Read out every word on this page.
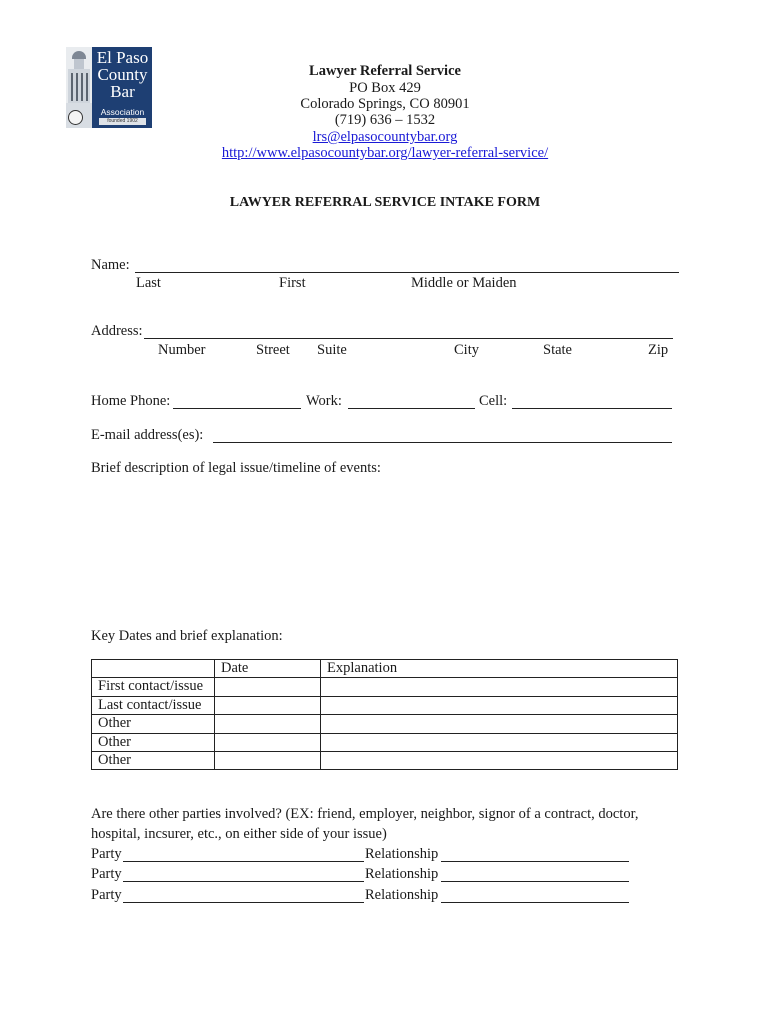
El Paso
County
Bar
Association
founded 1902
Lawyer Referral Service
PO Box 429
Colorado Springs, CO 80901
(719) 636 – 1532
lrs@elpasocountybar.org
http://www.elpasocountybar.org/lawyer-referral-service/
LAWYER REFERRAL SERVICE INTAKE FORM
Name:
Last	First	Middle or Maiden
Address:
Number	Street Suite	City	State	Zip
Home Phone:	Work:	Cell:
E-mail address(es):
Brief description of legal issue/timeline of events:
Key Dates and brief explanation:
	Date	Explanation
First contact/issue		
Last contact/issue		
Other		
Other		
Other		
Are there other parties involved? (EX: friend, employer, neighbor, signor of a contract, doctor,
hospital, incsurer, etc., on either side of your issue)
Party	Relationship
Party	Relationship
Party	Relationship
